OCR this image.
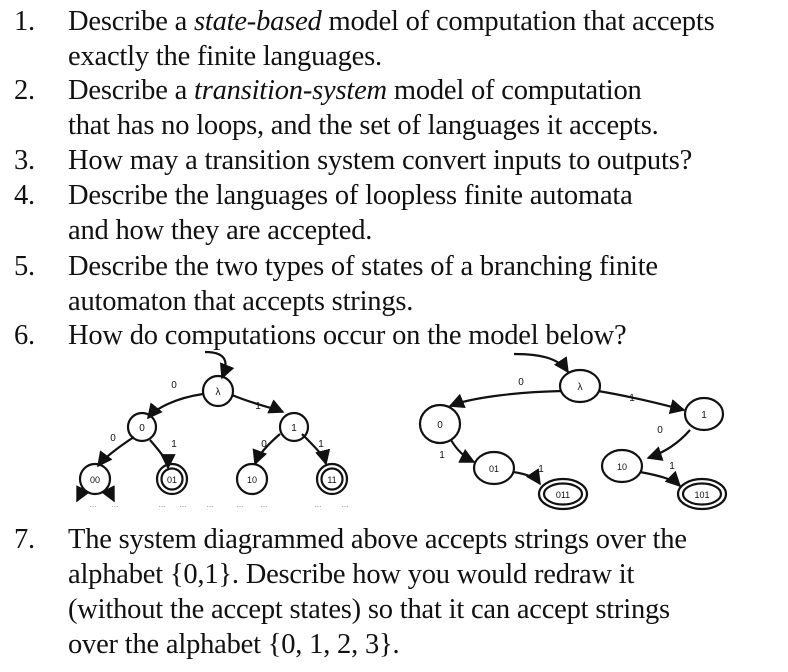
1. Describe a state-based model of computation that accepts
exactly the finite languages.
2. Describe a transition-system model of computation
that has no loops, and the set of languages it accepts.
3. How may a transition system convert inputs to outputs?
4. Describe the languages of loopless finite automata
and how they are accepted.
5. Describe the two types of states of a branching finite
automaton that accepts strings.
6. How do computations occur on the model below?
λ
0	1
00	01	10	11
0
1
0
1	0	1
... ...	... ...	...	... ...	...	...
λ
0
1
01	10
011	101
0
1
1
0
1	1
7. The system diagrammed above accepts strings over the
alphabet {0,1}. Describe how you would redraw it
(without the accept states) so that it can accept strings
over the alphabet {0, 1, 2, 3}.
